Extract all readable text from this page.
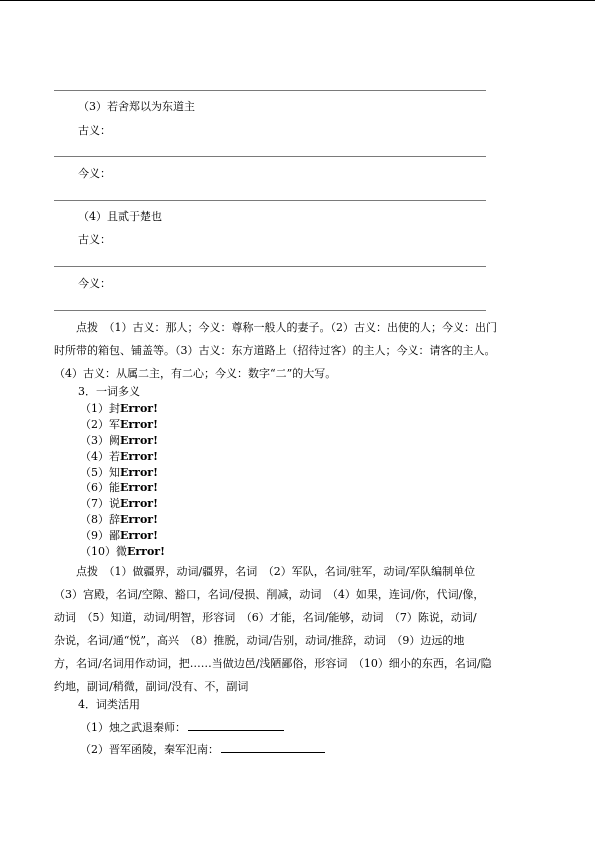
（3）若舍郑以为东道主
古义：
今义：
（4）且贰于楚也
古义：
今义：
点拨　（1）古义：那人；今义：尊称一般人的妻子。（2）古义：出使的人；今义：出门
时所带的箱包、铺盖等。（3）古义：东方道路上（招待过客）的主人；今义：请客的主人。
（4）古义：从属二主，有二心；今义：数字“二”的大写。
3．一词多义
（1）封Error!
（2）军Error!
（3）阙Error!
（4）若Error!
（5）知Error!
（6）能Error!
（7）说Error!
（8）辞Error!
（9）鄙Error!
（10）微Error!
点拨　（1）做疆界，动词/疆界，名词　（2）军队，名词/驻军，动词/军队编制单位
（3）宫殿，名词/空隙、豁口，名词/侵损、削减，动词　（4）如果，连词/你，代词/像，
动词　（5）知道，动词/明智，形容词　（6）才能，名词/能够，动词　（7）陈说，动词/
杂说，名词/通“悦”，高兴　（8）推脱，动词/告别，动词/推辞，动词　（9）边远的地
方，名词/名词用作动词，把……当做边邑/浅陋鄙俗，形容词　（10）细小的东西，名词/隐
约地，副词/稍微，副词/没有、不，副词
4．词类活用
（1）烛之武退秦师：
（2）晋军函陵，秦军氾南：
